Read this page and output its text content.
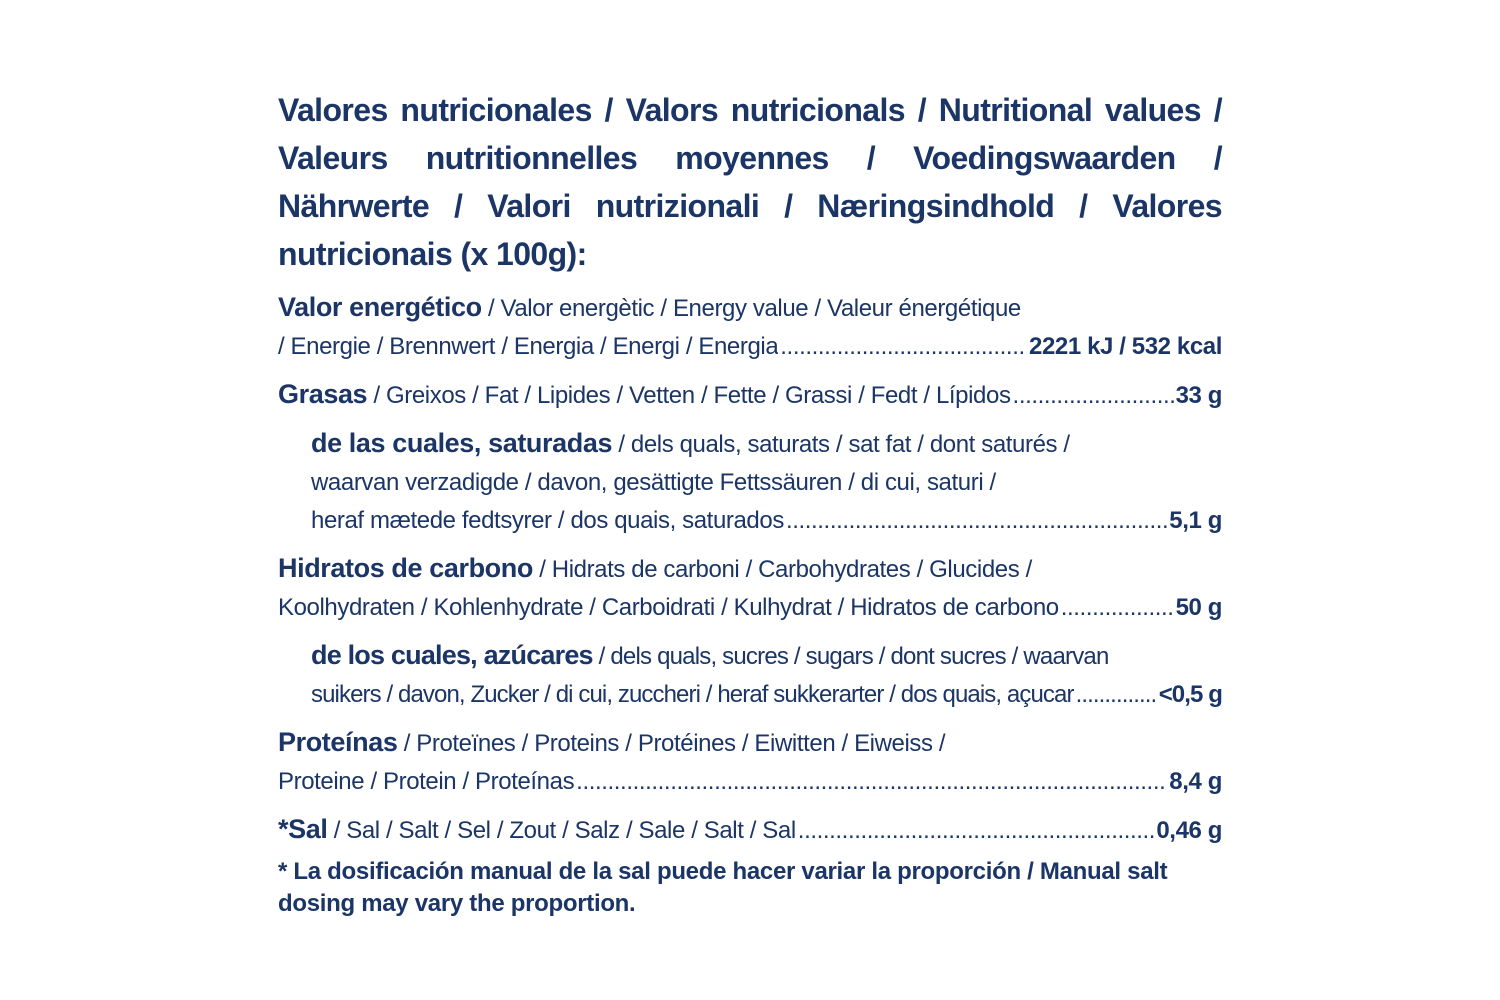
Valores nutricionales / Valors nutricionals / Nutritional values / Valeurs nutritionnelles moyennes / Voedingswaarden / Nährwerte / Valori nutrizionali / Næringsindhold / Valores nutricionais (x 100g):

Valor energético / Valor energètic / Energy value / Valeur énergétique
/ Energie / Brennwert / Energia / Energi / Energia .....	2221 kJ / 532 kcal
Grasas / Greixos / Fat / Lipides / Vetten / Fette / Grassi / Fedt / Lípidos .....	33 g
de las cuales, saturadas / dels quals, saturats / sat fat / dont saturés /
waarvan verzadigde / davon, gesättigte Fettssäuren / di cui, saturi /
heraf mætede fedtsyrer / dos quais, saturados .....	5,1 g
Hidratos de carbono / Hidrats de carboni / Carbohydrates / Glucides /
Koolhydraten / Kohlenhydrate / Carboidrati / Kulhydrat / Hidratos de carbono .....	50 g
de los cuales, azúcares / dels quals, sucres / sugars / dont sucres / waarvan
suikers / davon, Zucker / di cui, zuccheri / heraf sukkerarter / dos quais, açucar .....	<0,5 g
Proteínas / Proteïnes / Proteins / Protéines / Eiwitten / Eiweiss /
Proteine / Protein / Proteínas .....	8,4 g
*Sal / Sal / Salt / Sel / Zout / Salz / Sale / Salt / Sal .....	0,46 g
* La dosificación manual de la sal puede hacer variar la proporción / Manual salt dosing may vary the proportion.
